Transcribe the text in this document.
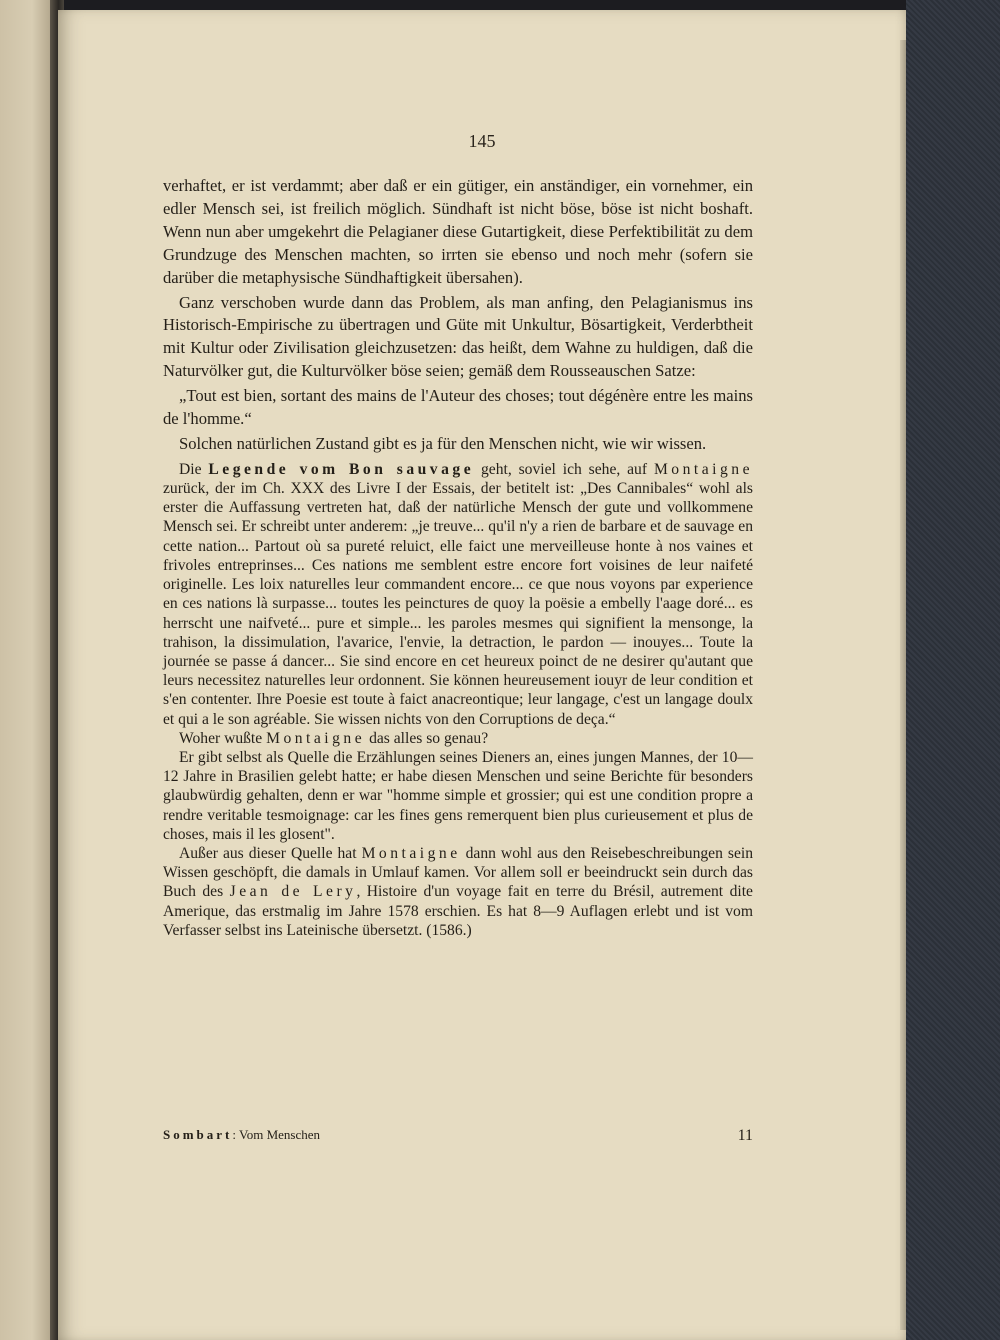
145

verhaftet, er ist verdammt; aber daß er ein gütiger, ein anständiger, ein vornehmer, ein edler Mensch sei, ist freilich möglich. Sündhaft ist nicht böse, böse ist nicht boshaft. Wenn nun aber umgekehrt die Pelagianer diese Gutartigkeit, diese Perfektibilität zu dem Grundzuge des Menschen machten, so irrten sie ebenso und noch mehr (sofern sie darüber die metaphysische Sündhaftigkeit übersahen).

Ganz verschoben wurde dann das Problem, als man anfing, den Pelagianismus ins Historisch-Empirische zu übertragen und Güte mit Unkultur, Bösartigkeit, Verderbtheit mit Kultur oder Zivilisation gleichzusetzen: das heißt, dem Wahne zu huldigen, daß die Naturvölker gut, die Kulturvölker böse seien; gemäß dem Rousseauschen Satze:

„Tout est bien, sortant des mains de l'Auteur des choses; tout dégénère entre les mains de l'homme.“

Solchen natürlichen Zustand gibt es ja für den Menschen nicht, wie wir wissen.

Die Legende vom Bon sauvage geht, soviel ich sehe, auf Montaigne zurück, der im Ch. XXX des Livre I der Essais, der betitelt ist: „Des Cannibales“ wohl als erster die Auffassung vertreten hat, daß der natürliche Mensch der gute und vollkommene Mensch sei. Er schreibt unter anderem: „je treuve... qu'il n'y a rien de barbare et de sauvage en cette nation... Partout où sa pureté reluict, elle faict une merveilleuse honte à nos vaines et frivoles entreprinses... Ces nations me semblent estre encore fort voisines de leur naifeté originelle. Les loix naturelles leur commandent encore... ce que nous voyons par experience en ces nations là surpasse... toutes les peinctures de quoy la poësie a embelly l'aage doré... es herrscht une naifveté... pure et simple... les paroles mesmes qui signifient la mensonge, la trahison, la dissimulation, l'avarice, l'envie, la detraction, le pardon — inouyes... Toute la journée se passe á dancer... Sie sind encore en cet heureux poinct de ne desirer qu'autant que leurs necessitez naturelles leur ordonnent. Sie können heureusement iouyr de leur condition et s'en contenter. Ihre Poesie est toute à faict anacreontique; leur langage, c'est un langage doulx et qui a le son agréable. Sie wissen nichts von den Corruptions de deça.“

Woher wußte Montaigne das alles so genau?

Er gibt selbst als Quelle die Erzählungen seines Dieners an, eines jungen Mannes, der 10—12 Jahre in Brasilien gelebt hatte; er habe diesen Menschen und seine Berichte für besonders glaubwürdig gehalten, denn er war "homme simple et grossier; qui est une condition propre a rendre veritable tesmoignage: car les fines gens remerquent bien plus curieusement et plus de choses, mais il les glosent".

Außer aus dieser Quelle hat Montaigne dann wohl aus den Reisebeschreibungen sein Wissen geschöpft, die damals in Umlauf kamen. Vor allem soll er beeindruckt sein durch das Buch des Jean de Lery, Histoire d'un voyage fait en terre du Brésil, autrement dite Amerique, das erstmalig im Jahre 1578 erschien. Es hat 8—9 Auflagen erlebt und ist vom Verfasser selbst ins Lateinische übersetzt. (1586.)

Sombart: Vom Menschen	11
